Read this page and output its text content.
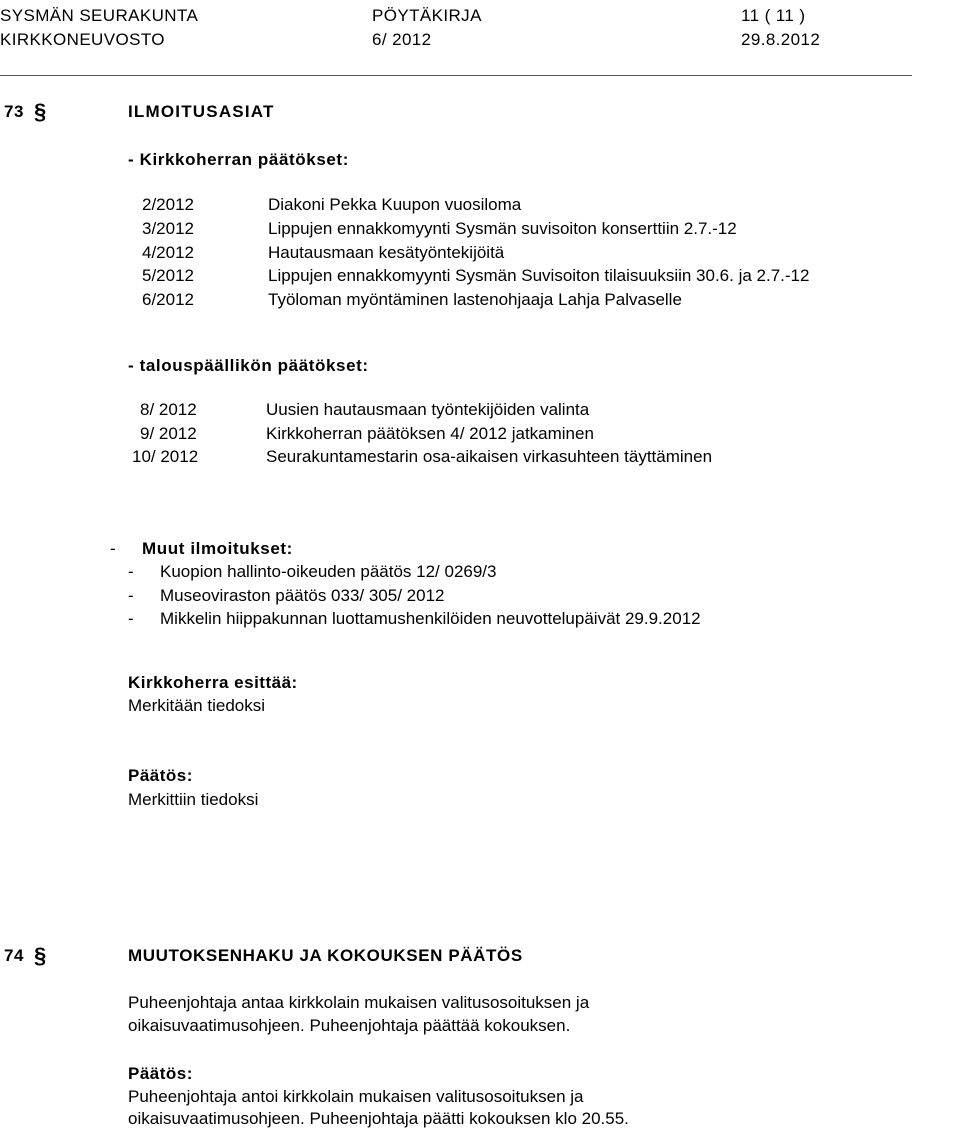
SYSMÄN SEURAKUNTA	PÖYTÄKIRJA	11 ( 11 )
KIRKKONEUVOSTO	6/ 2012	29.8.2012
73 §	ILMOITUSASIAT
- Kirkkoherran päätökset:
2/2012	Diakoni Pekka Kuupon vuosiloma
3/2012	Lippujen ennakkomyynti Sysmän suvisoiton konserttiin 2.7.-12
4/2012	Hautausmaan kesätyöntekijöitä
5/2012	Lippujen ennakkomyynti Sysmän Suvisoiton tilaisuuksiin 30.6. ja 2.7.-12
6/2012	Työloman myöntäminen lastenohjaaja Lahja Palvaselle
- talouspäällikön päätökset:
8/ 2012	Uusien hautausmaan työntekijöiden valinta
9/ 2012	Kirkkoherran päätöksen 4/ 2012 jatkaminen
10/ 2012	Seurakuntamestarin osa-aikaisen virkasuhteen täyttäminen
- Muut ilmoitukset:
- Kuopion hallinto-oikeuden päätös 12/ 0269/3
- Museoviraston päätös 033/ 305/ 2012
- Mikkelin hiippakunnan luottamushenkilöiden neuvottelupäivät 29.9.2012
Kirkkoherra esittää:
Merkitään tiedoksi
Päätös:
Merkittiin tiedoksi
74 §	MUUTOKSENHAKU JA KOKOUKSEN PÄÄTÖS
Puheenjohtaja antaa kirkkolain mukaisen valitusosoituksen ja
oikaisuvaatimusohjeen. Puheenjohtaja päättää kokouksen.
Päätös:
Puheenjohtaja antoi kirkkolain mukaisen valitusosoituksen ja
oikaisuvaatimusohjeen. Puheenjohtaja päätti kokouksen klo 20.55.
